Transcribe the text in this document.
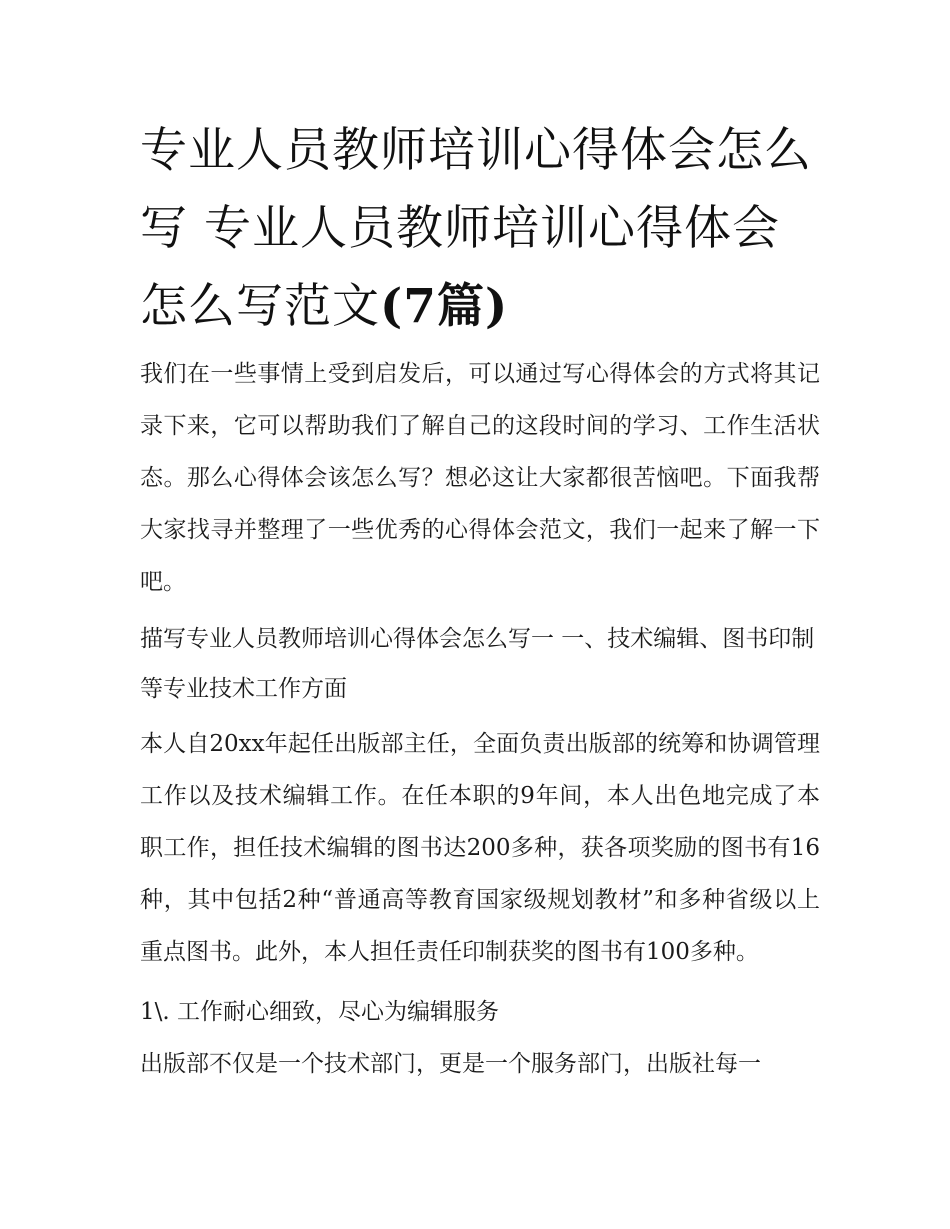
专业人员教师培训心得体会怎么写 专业人员教师培训心得体会怎么写范文(7篇)

我们在一些事情上受到启发后，可以通过写心得体会的方式将其记录下来，它可以帮助我们了解自己的这段时间的学习、工作生活状态。那么心得体会该怎么写？想必这让大家都很苦恼吧。下面我帮大家找寻并整理了一些优秀的心得体会范文，我们一起来了解一下吧。

描写专业人员教师培训心得体会怎么写一 一、技术编辑、图书印制等专业技术工作方面

本人自20xx年起任出版部主任，全面负责出版部的统筹和协调管理工作以及技术编辑工作。在任本职的9年间，本人出色地完成了本职工作，担任技术编辑的图书达200多种，获各项奖励的图书有16种，其中包括2种“普通高等教育国家级规划教材”和多种省级以上重点图书。此外，本人担任责任印制获奖的图书有100多种。

1\. 工作耐心细致，尽心为编辑服务

出版部不仅是一个技术部门，更是一个服务部门，出版社每一
